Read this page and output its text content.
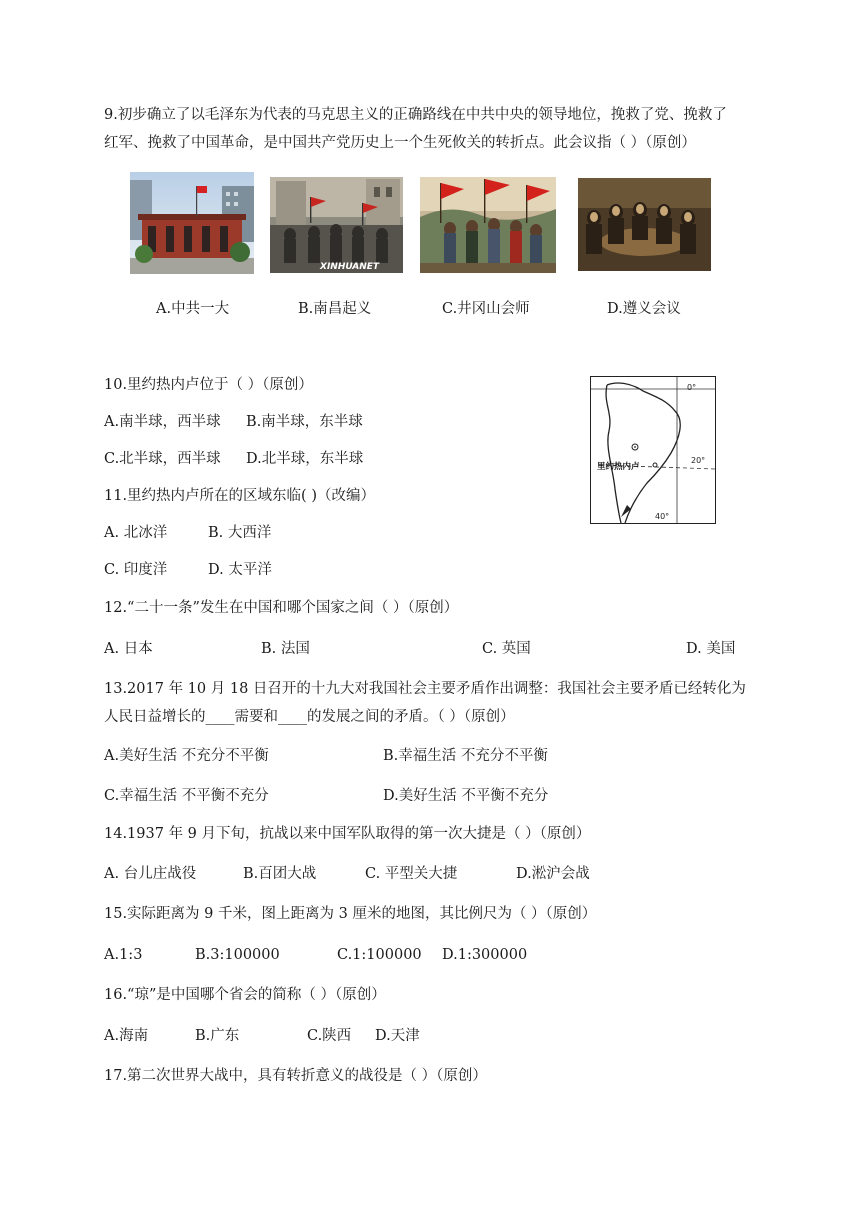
9.初步确立了以毛泽东为代表的马克思主义的正确路线在中共中央的领导地位，挽救了党、挽救了
红军、挽救了中国革命，是中国共产党历史上一个生死攸关的转折点。此会议指（ ）（原创）
XINHUANET
A.中共一大	B.南昌起义	C.井冈山会师	D.遵义会议
10.里约热内卢位于（ ）（原创）
A.南半球，西半球 B.南半球，东半球
C.北半球，西半球 D.北半球，东半球
0°
20°
40°
里约热内卢
11.里约热内卢所在的区域东临( )（改编）
A. 北冰洋	B. 大西洋
C. 印度洋	D. 太平洋
12.“二十一条”发生在中国和哪个国家之间（ ）（原创）
A. 日本	B. 法国	C. 英国	D. 美国
13.2017 年 10 月 18 日召开的十九大对我国社会主要矛盾作出调整：我国社会主要矛盾已经转化为
人民日益增长的____需要和____的发展之间的矛盾。（ ）（原创）
A.美好生活 不充分不平衡	B.幸福生活 不充分不平衡
C.幸福生活 不平衡不充分	D.美好生活 不平衡不充分
14.1937 年 9 月下旬，抗战以来中国军队取得的第一次大捷是（ ）（原创）
A. 台儿庄战役	B.百团大战	C. 平型关大捷	D.淞沪会战
15.实际距离为 9 千米，图上距离为 3 厘米的地图，其比例尺为（ ）（原创）
A.1:3	B.3:100000	C.1:100000 D.1:300000
16.“琼”是中国哪个省会的简称（ ）（原创）
A.海南	B.广东	C.陕西 D.天津
17.第二次世界大战中，具有转折意义的战役是（ ）（原创）
